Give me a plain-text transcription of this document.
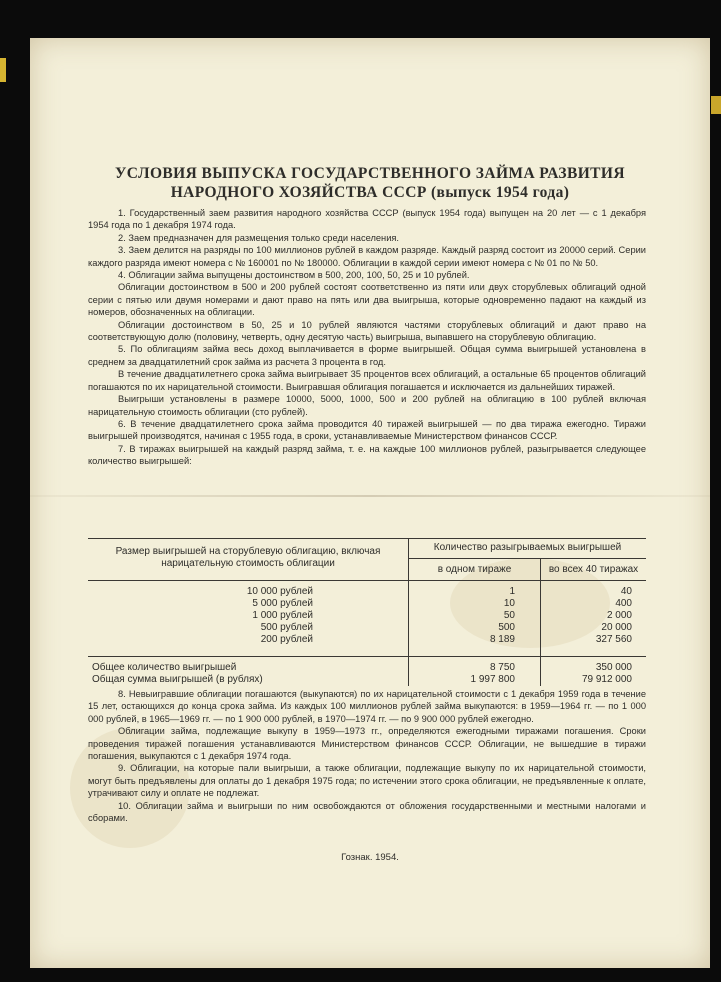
УСЛОВИЯ ВЫПУСКА ГОСУДАРСТВЕННОГО ЗАЙМА РАЗВИТИЯ
НАРОДНОГО ХОЗЯЙСТВА СССР (выпуск 1954 года)

1. Государственный заем развития народного хозяйства СССР (выпуск 1954 года) выпущен на 20 лет — с 1 декабря 1954 года по 1 декабря 1974 года.

2. Заем предназначен для размещения только среди населения.

3. Заем делится на разряды по 100 миллионов рублей в каждом разряде. Каждый разряд состоит из 20000 серий. Серии каждого разряда имеют номера с № 160001 по № 180000. Облигации в каждой серии имеют номера с № 01 по № 50.

4. Облигации займа выпущены достоинством в 500, 200, 100, 50, 25 и 10 рублей.

Облигации достоинством в 500 и 200 рублей состоят соответственно из пяти или двух сторублевых облигаций одной серии с пятью или двумя номерами и дают право на пять или два выигрыша, которые одновременно падают на каждый из номеров, обозначенных на облигации.

Облигации достоинством в 50, 25 и 10 рублей являются частями сторублевых облигаций и дают право на соответствующую долю (половину, четверть, одну десятую часть) выигрыша, выпавшего на сторублевую облигацию.

5. По облигациям займа весь доход выплачивается в форме выигрышей. Общая сумма выигрышей установлена в среднем за двадцатилетний срок займа из расчета 3 процента в год.

В течение двадцатилетнего срока займа выигрывает 35 процентов всех облигаций, а остальные 65 процентов облигаций погашаются по их нарицательной стоимости. Выигравшая облигация погашается и исключается из дальнейших тиражей.

Выигрыши установлены в размере 10000, 5000, 1000, 500 и 200 рублей на облигацию в 100 рублей включая нарицательную стоимость облигации (сто рублей).

6. В течение двадцатилетнего срока займа проводится 40 тиражей выигрышей — по два тиража ежегодно. Тиражи выигрышей производятся, начиная с 1955 года, в сроки, устанавливаемые Министерством финансов СССР.

7. В тиражах выигрышей на каждый разряд займа, т. е. на каждые 100 миллионов рублей, разыгрывается следующее количество выигрышей:

Размер выигрышей на сторублевую облигацию, включая нарицательную стоимость облигации
Количество разыгрываемых выигрышей
в одном тираже	во всех 40 тиражах
10 000 рублей	1	40
5 000 рублей	10	400
1 000 рублей	50	2 000
500 рублей	500	20 000
200 рублей	8 189	327 560
Общее количество выигрышей	8 750	350 000
Общая сумма выигрышей (в рублях)	1 997 800	79 912 000

8. Невыигравшие облигации погашаются (выкупаются) по их нарицательной стоимости с 1 декабря 1959 года в течение 15 лет, остающихся до конца срока займа. Из каждых 100 миллионов рублей займа выкупаются: в 1959—1964 гг. — по 1 000 000 рублей, в 1965—1969 гг. — по 1 900 000 рублей, в 1970—1974 гг. — по 9 900 000 рублей ежегодно.

Облигации займа, подлежащие выкупу в 1959—1973 гг., определяются ежегодными тиражами погашения. Сроки проведения тиражей погашения устанавливаются Министерством финансов СССР. Облигации, не вышедшие в тиражи погашения, выкупаются с 1 декабря 1974 года.

9. Облигации, на которые пали выигрыши, а также облигации, подлежащие выкупу по их нарицательной стоимости, могут быть предъявлены для оплаты до 1 декабря 1975 года; по истечении этого срока облигации, не предъявленные к оплате, утрачивают силу и оплате не подлежат.

10. Облигации займа и выигрыши по ним освобождаются от обложения государственными и местными налогами и сборами.

Гознак. 1954.
